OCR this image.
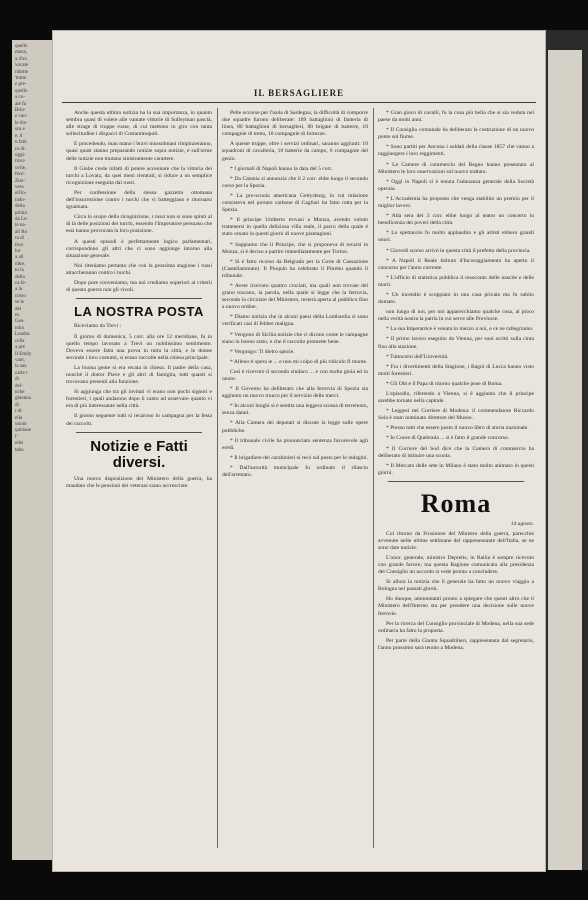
quello
mena,
a d'un
vocate
ridotte
'tratte
e pre-
quello
a co-
ale fa
Brin-
e con-
le dis-
sca e
e, d
n fatti
ro di-
oggi-
ricer-
ovile,
fece:
Zim-
vero
ell'in-
indo-
della
prima
da Lo-
le na-
all Ro
ra di
tiva-
lor
a all
oltre.
to la
della
ca fe-
a la
corso
se le
del
nt.
Gea-
ndra
Londra
cella
a pre
Il Emily
vani,
la sua
carte r
di
del-
nche
gluenna
di
r dt
ella
ssioni
quitiane
l’
edrs
tabo
IL BERSAGLIERE

Anche questa ultima notizia ha la sua importanza, in quanto sembra quasi di volere alle vantate vittorie di Sulleyman pascià, alle strage di truppe russe, di cui mettono in giro con tanta sollecitudine i dispacci di Costantinopoli.

E procedendo, man mano i bravi mussulmani rimpinzeranno, quasi quasi stanno preparando notizie sopra notizie, e sull'orme delle notizie non mutano sinistramente carattere.

Il Giobe crede infatti di potere accennare che la vittoria dei turchi a Lovatz, da quei meni rientrati, si riduce a un semplice ricognizione eseguita dai russi.

Per confessione della stessa gazzetta ottomana dell'insurrezione contro i turchi che vi batteggiano e ritornarsi sguainata.

Circa lo scopo della ricognizione, i russi non si sono spinti al di là delle posizioni dei turchi, essendo l'Imperatore persuaso che essi hanno provocata la loro posizione.

A questi episodi è perfettamente logico parlamentari, corrispondono gli altri che ci sono aggiunge intorno alla situazione generale.

Noi riteniamo pertanto che con la prossima stagione i russi attaccheranno contro i turchi.

Dopo pure conveniamo, ma noi crediamo superiori ai criterii di questa guerra non gli vicoli.

LA NOSTRA POSTA

Riceviamo da Trevi :

Il giorno di domenica, 5 corr. alla ore 12 meridiane, fu in quello tempo lavorato a Trevi un nobilissimo sentimento. Doveva essere fatta una prova in tutta la città, e le donne secondo i loro costumi, si erano raccolte nella chiesa principale.

La buona gente si era recata in chiesa. Il padre della casa, nonché il dottor Piave e gli altri di famiglia, tutti quanti si trovavano presenti alla funzione.

Si aggiunga che tra gli invitati vi erano non pochi signori e forestieri, i quali andarono dopo il canto ad osservare quanto vi era di più interessante nella città.

Il giorno seguente tutti si recarono in campagna per la festa dei raccolti.

Notizie e Fatti diversi.

Una nuova disposizione del Ministero della guerra, ha mandato che le pensioni dei veterani siano accresciute.

Pelle occorse per l'isola di Sardegna, la difficoltà di comporre due squadre furono deliberate: 189 battaglioni di fanteria di linea, 80 battaglioni di bersaglieri, 80 brigate di batterie, 10 compagnie di treno, 10 compagnie di fortezze.

A queste truppe, oltre i servizi ordinari, saranno aggiunti: 10 squadroni di cavalleria, 10 batterie da campo, 6 compagnie del genio.

* I giornali di Napoli hanno la data del 5 corr.

* Da Catania si annunzia che il 2 corr. ebbe luogo il secondo corso per la Spezia.

* La pro-scuola americana Gettysburg, la cui missione consisteva nel portare carbone di Cagliari ha fatto rotta per la Spezia.

* Il principe Umberto trovasi a Monza, avendo voluto trattenersi in quella deliziosa villa reale, il parco della quale è stato ornato in questi giorni di nuove piantagioni.

* Sappiamo che il Principe, che si proponeva di recarsi in Monza, si è deciso a partire immediatamente per Torino.

* Si è fatto ricorso da Belgrado per la Corte di Cassazione (Castellammare). Il Ploquin ha celebrato il Pitrebu quando il tribunale.

* Avete ricevuto quattro crociati, ma quali non trovate del grano toscano, la parola, nella quale si legge che la ferrovia, secondo la circolare del Ministero, resterà aperta al pubblico fino a nuovo ordine.

* Diamo notizia che in alcuni paesi della Lombardia si sono verificati casi di febbre maligna.

* Vengono di Sicilia notizie che ci dicono come le campagne siano in buono stato, e che il raccolto promette bene.

* Vergongo: Ti dietro spezie.

* Alleno ti spera ie ... e non mi colpo di più ridicolo fi monte.

Così è ricevuto il secondo sindaco ... e con molta gioia ed in onore.

* Il Governo ha deliberato che alla ferrovia di Spezia sia aggiunto un nuovo tronco per il servizio delle merci.

* In alcuni luoghi si è sentita una leggera scossa di terremoto, senza danni.

* Alla Camera dei deputati si discute la legge sulle opere pubbliche.

* Il tribunale civile ha pronunciato sentenza favorevole agli eredi.

* Il brigadiere dei carabinieri si recò sul posto per le indagini.

* Dall'autorità municipale fu ordinato il rilascio dell'arrestato.

* Gran gioco di cavalli, fu la cosa più bella che si sia veduta nel paese da molti anni.

* Il Consiglio comunale ha deliberato la costruzione di un nuovo ponte sul fiume.

* Sono partiti per Ancona i soldati della classe 1857 che vanno a raggiungere i loro reggimenti.

* Le Camere di commercio del Regno hanno presentato al Ministero le loro osservazioni sul nuovo trattato.

* Oggi in Napoli si è tenuta l'adunanza generale della Società operaia.

* L'Accademia ha proposto che venga stabilito un premio per il miglior lavoro.

* Alla sera del 3 corr. ebbe luogo al teatro un concerto in beneficenza dei poveri della città.

* Lo spettacolo fu molto applaudito e gli artisti ebbero grandi onori.

* Giovedì scorso arrivò in questa città il prefetto della provincia.

* A Napoli il Reale Istituto d'Incoraggiamento ha aperto il concorso per l'anno corrente.

* L'ufficio di statistica pubblica il resoconto delle nascite e delle morti.

* Un incendio è scoppiato in una casa privata ma fu subito domato.

non lungo di noi, per noi apparecchiamo qualche cosa, al pioco nella verità nostra la patria in cui serve alle Provincie.

* La sua Imperatrice è venuta in mezzo a noi, e ce ne rallegriamo.

* Il primo lavoro eseguito da Vienna, per suoi scritti sulla cinta fino alla stazione.

* Tuttocorsi dell'Università.

* Fra i divertimenti della Stagione, i Bagni di Lucca hanno visto molti forestieri.

* Gli Obi e il Papa di ritorno qualche pose di Roma.

L'episodio, riferendo a Vienna, si è aggiunto che il principe sarebbe tornato nella capitale.

* Leggesi nel Corriere di Modena: il commendatore Riccardo Sola è stato nominato direttore del Museo.

* Presso tutti che essere posto il nuovo libro di storia nazionale.

* Io Cuore di Quebrada ... si è fatto il grande concorso.

* Il Corriere del Sud dice che la Camera di commercio ha deliberato di istituire una scuola.

* Il Mercato delle sete in Milano è stato molto animato in questi giorni.

Roma
14 agosto.

Col ritorno da Frosinone del Ministro della guerra, parecchie avvenute nelle ultime settimane del rappresentante dell'Italia, se ne sono date notizie.

L'onor. generale, ministro Depretis, in Baìlia è sempre ricevuto con grande favore; ma questa Ragione comunicata alla presidenza del Consiglio un accordo si vede pronto a concludere.

Si allora la notizia che il generale ha fatto un nuovo viaggio a Bologna nei passati giorni.

Ho dunque, ammontanti pronto a spiegare che questi altro che il Ministero dell'Interno sta per prendere una decisione sulle nuove ferrovie.

Per la ricerca del Consiglio provinciale di Modena, nella sua sede ordinaria ha fatto la proposta.

Per parte della Giunta Squadrilieri, rappresentata dal segretario, l'anno prossimo sarà tenuto a Modena.
